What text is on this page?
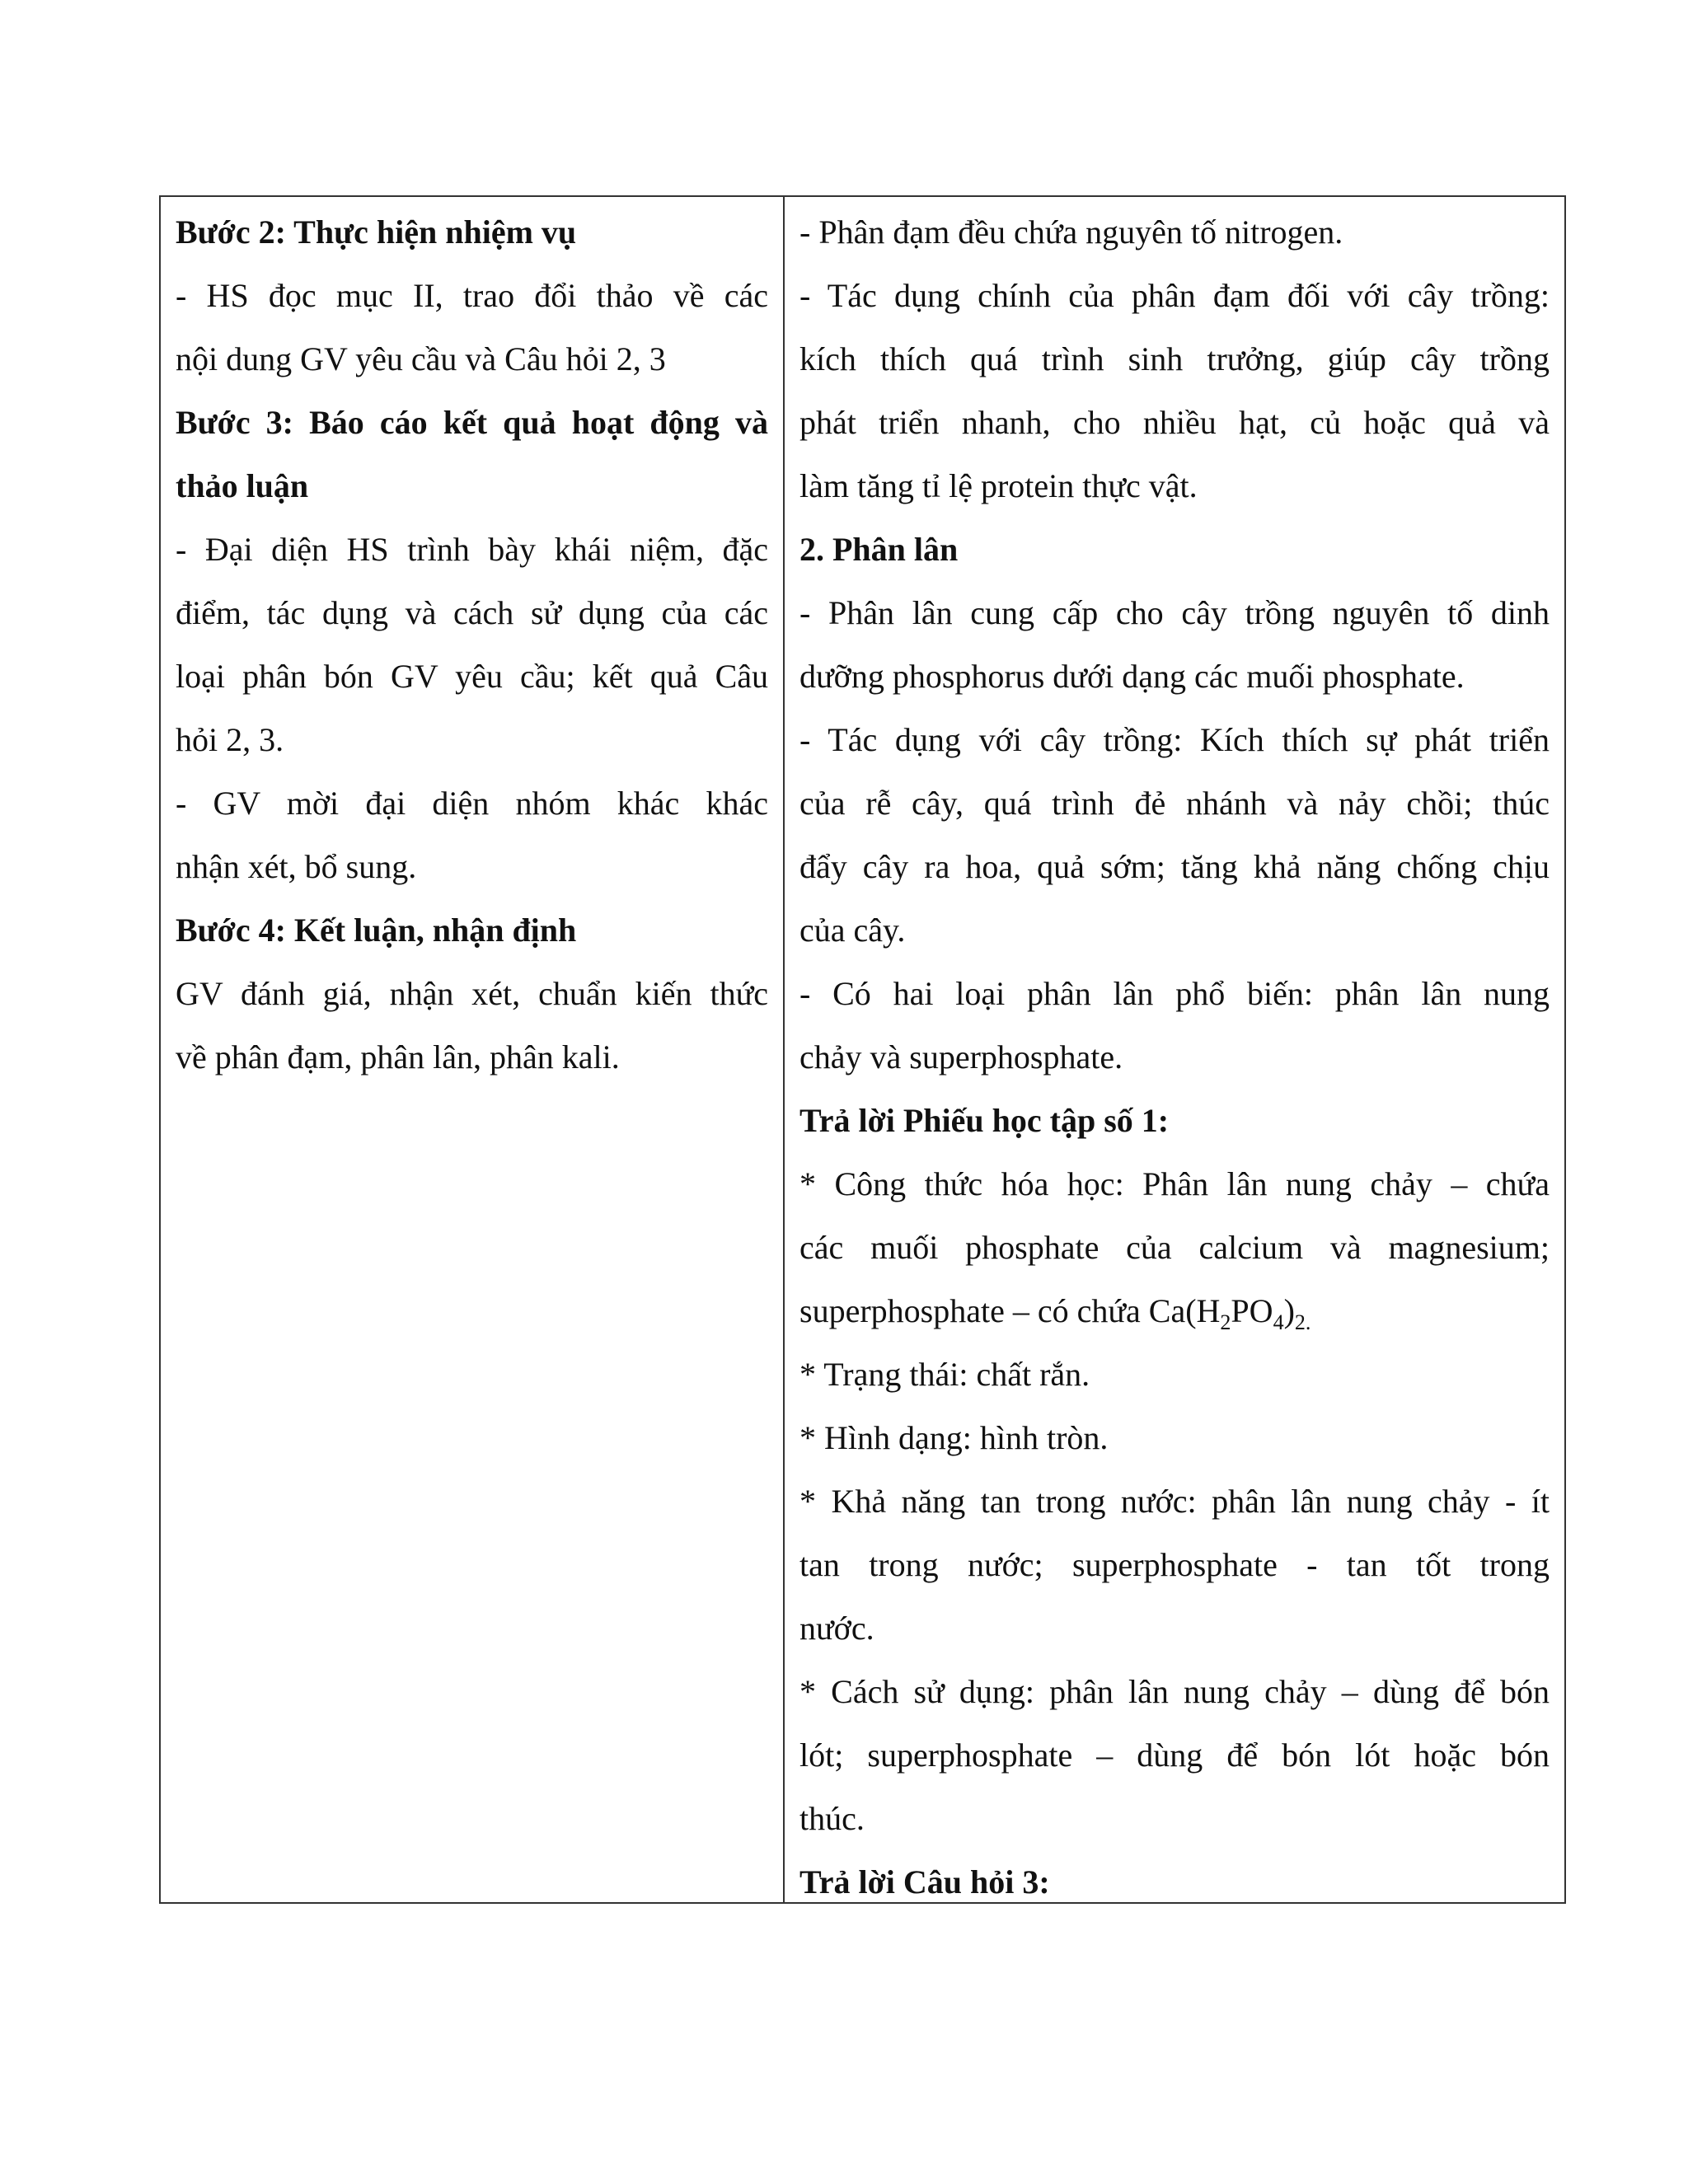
Bước 2: Thực hiện nhiệm vụ
- HS đọc mục II, trao đổi thảo về các
nội dung GV yêu cầu và Câu hỏi 2, 3
Bước 3: Báo cáo kết quả hoạt động và
thảo luận
- Đại diện HS trình bày khái niệm, đặc
điểm, tác dụng và cách sử dụng của các
loại phân bón GV yêu cầu; kết quả Câu
hỏi 2, 3.
- GV mời đại diện nhóm khác khác
nhận xét, bổ sung.
Bước 4: Kết luận, nhận định
GV đánh giá, nhận xét, chuẩn kiến thức
về phân đạm, phân lân, phân kali.
- Phân đạm đều chứa nguyên tố nitrogen.
- Tác dụng chính của phân đạm đối với cây trồng:
kích thích quá trình sinh trưởng, giúp cây trồng
phát triển nhanh, cho nhiều hạt, củ hoặc quả và
làm tăng tỉ lệ protein thực vật.
2. Phân lân
- Phân lân cung cấp cho cây trồng nguyên tố dinh
dưỡng phosphorus dưới dạng các muối phosphate.
- Tác dụng với cây trồng: Kích thích sự phát triển
của rễ cây, quá trình đẻ nhánh và nảy chồi; thúc
đẩy cây ra hoa, quả sớm; tăng khả năng chống chịu
của cây.
- Có hai loại phân lân phổ biến: phân lân nung
chảy và superphosphate.
Trả lời Phiếu học tập số 1:
* Công thức hóa học: Phân lân nung chảy – chứa
các muối phosphate của calcium và magnesium;
superphosphate – có chứa $Ca(H_2PO_4)_{2.}$
* Trạng thái: chất rắn.
* Hình dạng: hình tròn.
* Khả năng tan trong nước: phân lân nung chảy - ít
tan trong nước; superphosphate - tan tốt trong
nước.
* Cách sử dụng: phân lân nung chảy – dùng để bón
lót; superphosphate – dùng để bón lót hoặc bón
thúc.
Trả lời Câu hỏi 3:
